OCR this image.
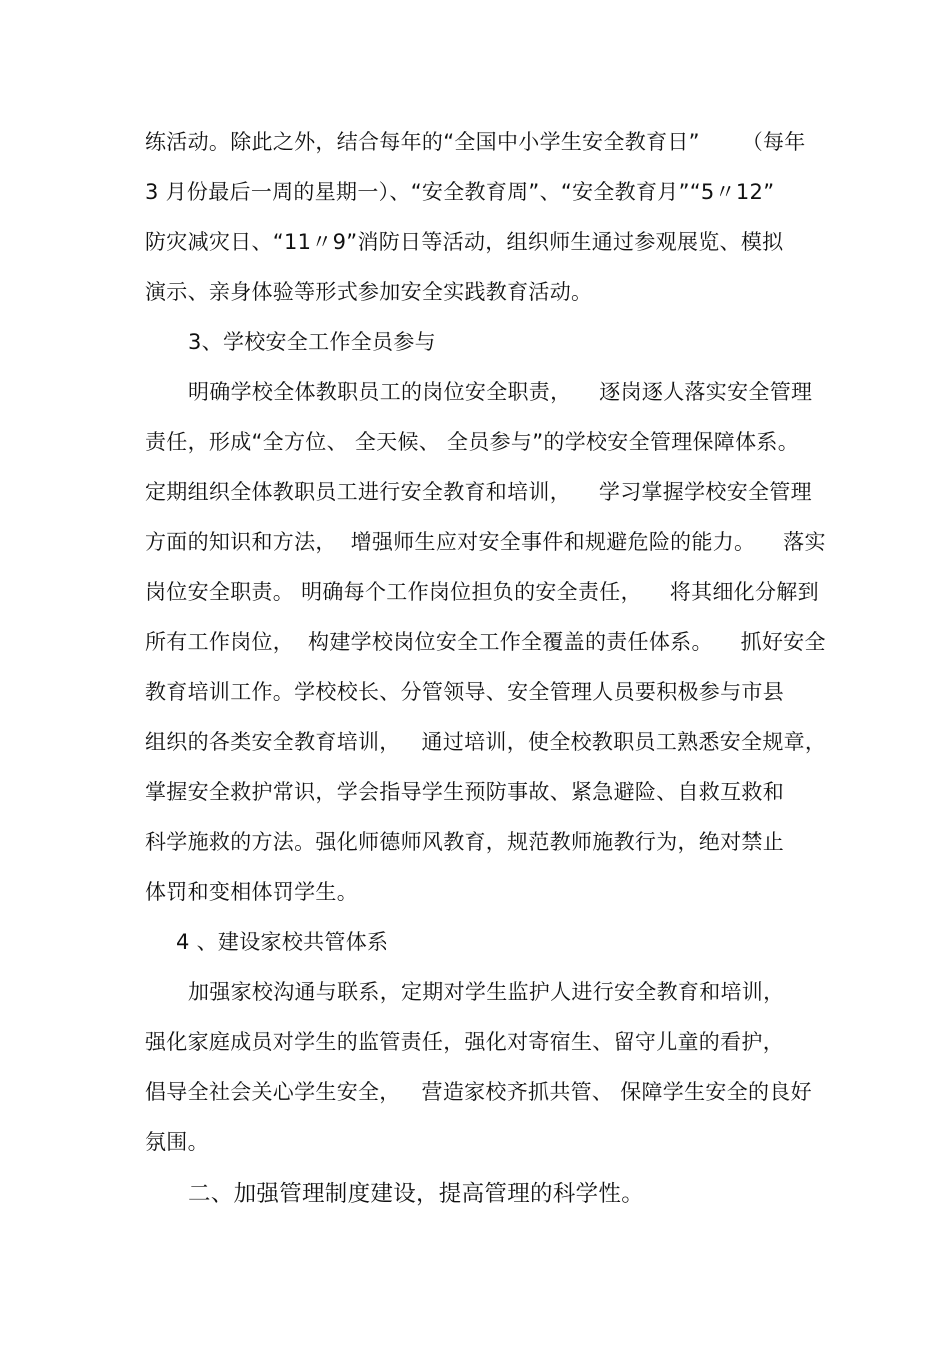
练活动。除此之外，结合每年的“全国中小学生安全教育日”      （每年
3 月份最后一周的星期一）、“安全教育周”、“安全教育月”“5〃12”
防灾减灾日、“11〃9”消防日等活动，组织师生通过参观展览、模拟
演示、亲身体验等形式参加安全实践教育活动。
3、学校安全工作全员参与
明确学校全体教职员工的岗位安全职责，    逐岗逐人落实安全管理
责任，形成“全方位、 全天候、 全员参与”的学校安全管理保障体系。
定期组织全体教职员工进行安全教育和培训，    学习掌握学校安全管理
方面的知识和方法，  增强师生应对安全事件和规避危险的能力。    落实
岗位安全职责。 明确每个工作岗位担负的安全责任，    将其细化分解到
所有工作岗位，  构建学校岗位安全工作全覆盖的责任体系。    抓好安全
教育培训工作。学校校长、分管领导、安全管理人员要积极参与市县
组织的各类安全教育培训，   通过培训，使全校教职员工熟悉安全规章，
掌握安全救护常识，学会指导学生预防事故、紧急避险、自救互救和
科学施救的方法。强化师德师风教育，规范教师施教行为，绝对禁止
体罚和变相体罚学生。
4 、建设家校共管体系
加强家校沟通与联系，定期对学生监护人进行安全教育和培训，
强化家庭成员对学生的监管责任，强化对寄宿生、留守儿童的看护，
倡导全社会关心学生安全，   营造家校齐抓共管、 保障学生安全的良好
氛围。
二、加强管理制度建设，提高管理的科学性。
